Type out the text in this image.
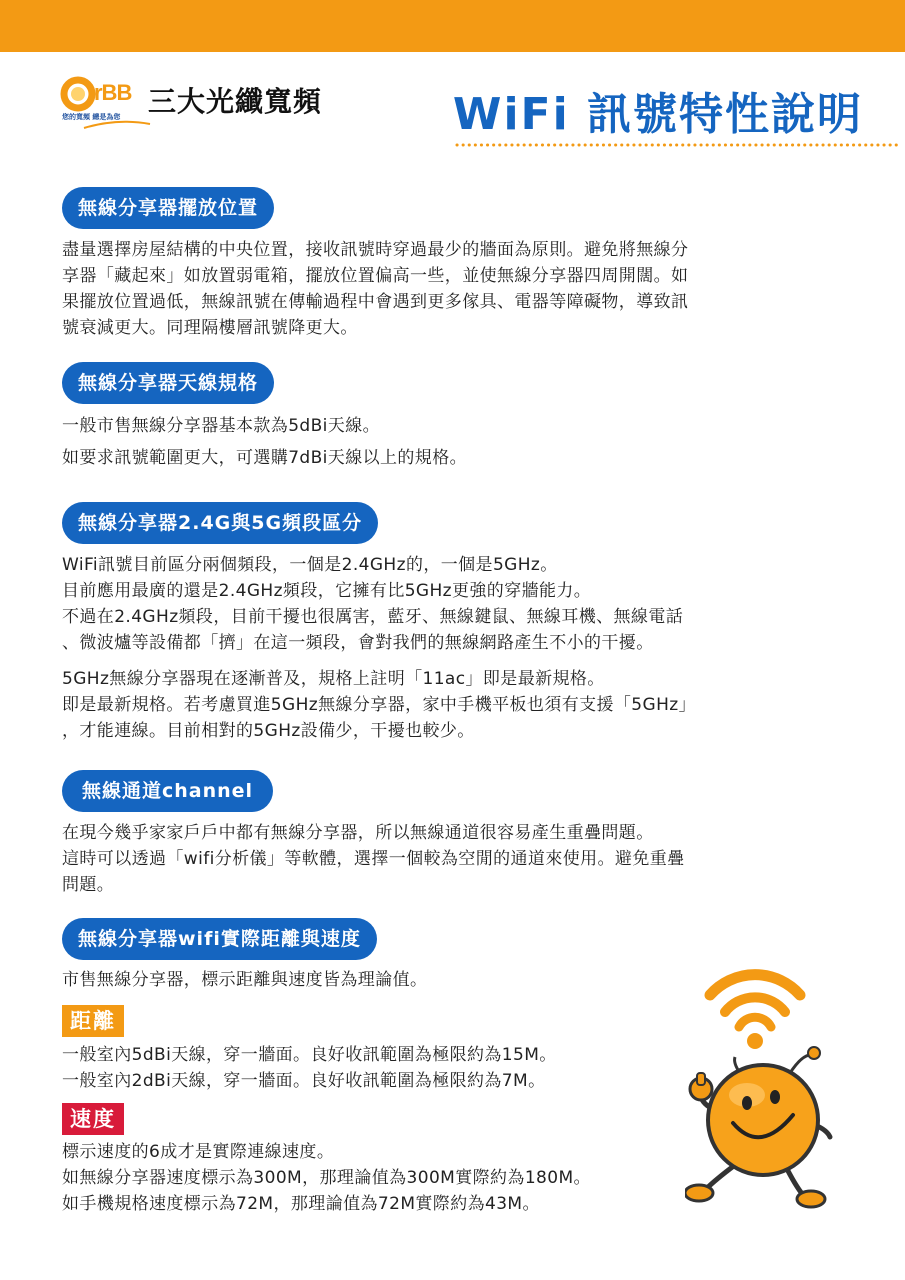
rBB 三大光纖寬頻
您的寬頻 總是為您	WiFi 訊號特性說明
無線分享器擺放位置
盡量選擇房屋結構的中央位置，接收訊號時穿過最少的牆面為原則。避免將無線分
享器「藏起來」如放置弱電箱，擺放位置偏高一些，並使無線分享器四周開闊。如
果擺放位置過低，無線訊號在傳輸過程中會遇到更多傢具、電器等障礙物，導致訊
號衰減更大。同理隔樓層訊號降更大。
無線分享器天線規格
一般市售無線分享器基本款為5dBi天線。
如要求訊號範圍更大，可選購7dBi天線以上的規格。
無線分享器2.4G與5G頻段區分
WiFi訊號目前區分兩個頻段，一個是2.4GHz的，一個是5GHz。
目前應用最廣的還是2.4GHz頻段，它擁有比5GHz更強的穿牆能力。
不過在2.4GHz頻段，目前干擾也很厲害，藍牙、無線鍵鼠、無線耳機、無線電話
、微波爐等設備都「擠」在這一頻段，會對我們的無線網路產生不小的干擾。
5GHz無線分享器現在逐漸普及，規格上註明「11ac」即是最新規格。
即是最新規格。若考慮買進5GHz無線分享器，家中手機平板也須有支援「5GHz」
，才能連線。目前相對的5GHz設備少，干擾也較少。
無線通道channel
在現今幾乎家家戶戶中都有無線分享器，所以無線通道很容易產生重疊問題。
這時可以透過「wifi分析儀」等軟體，選擇一個較為空閒的通道來使用。避免重疊
問題。
無線分享器wifi實際距離與速度
市售無線分享器，標示距離與速度皆為理論值。
距離
一般室內5dBi天線，穿一牆面。良好收訊範圍為極限約為15M。
一般室內2dBi天線，穿一牆面。良好收訊範圍為極限約為7M。
速度
標示速度的6成才是實際連線速度。
如無線分享器速度標示為300M，那理論值為300M實際約為180M。
如手機規格速度標示為72M，那理論值為72M實際約為43M。
